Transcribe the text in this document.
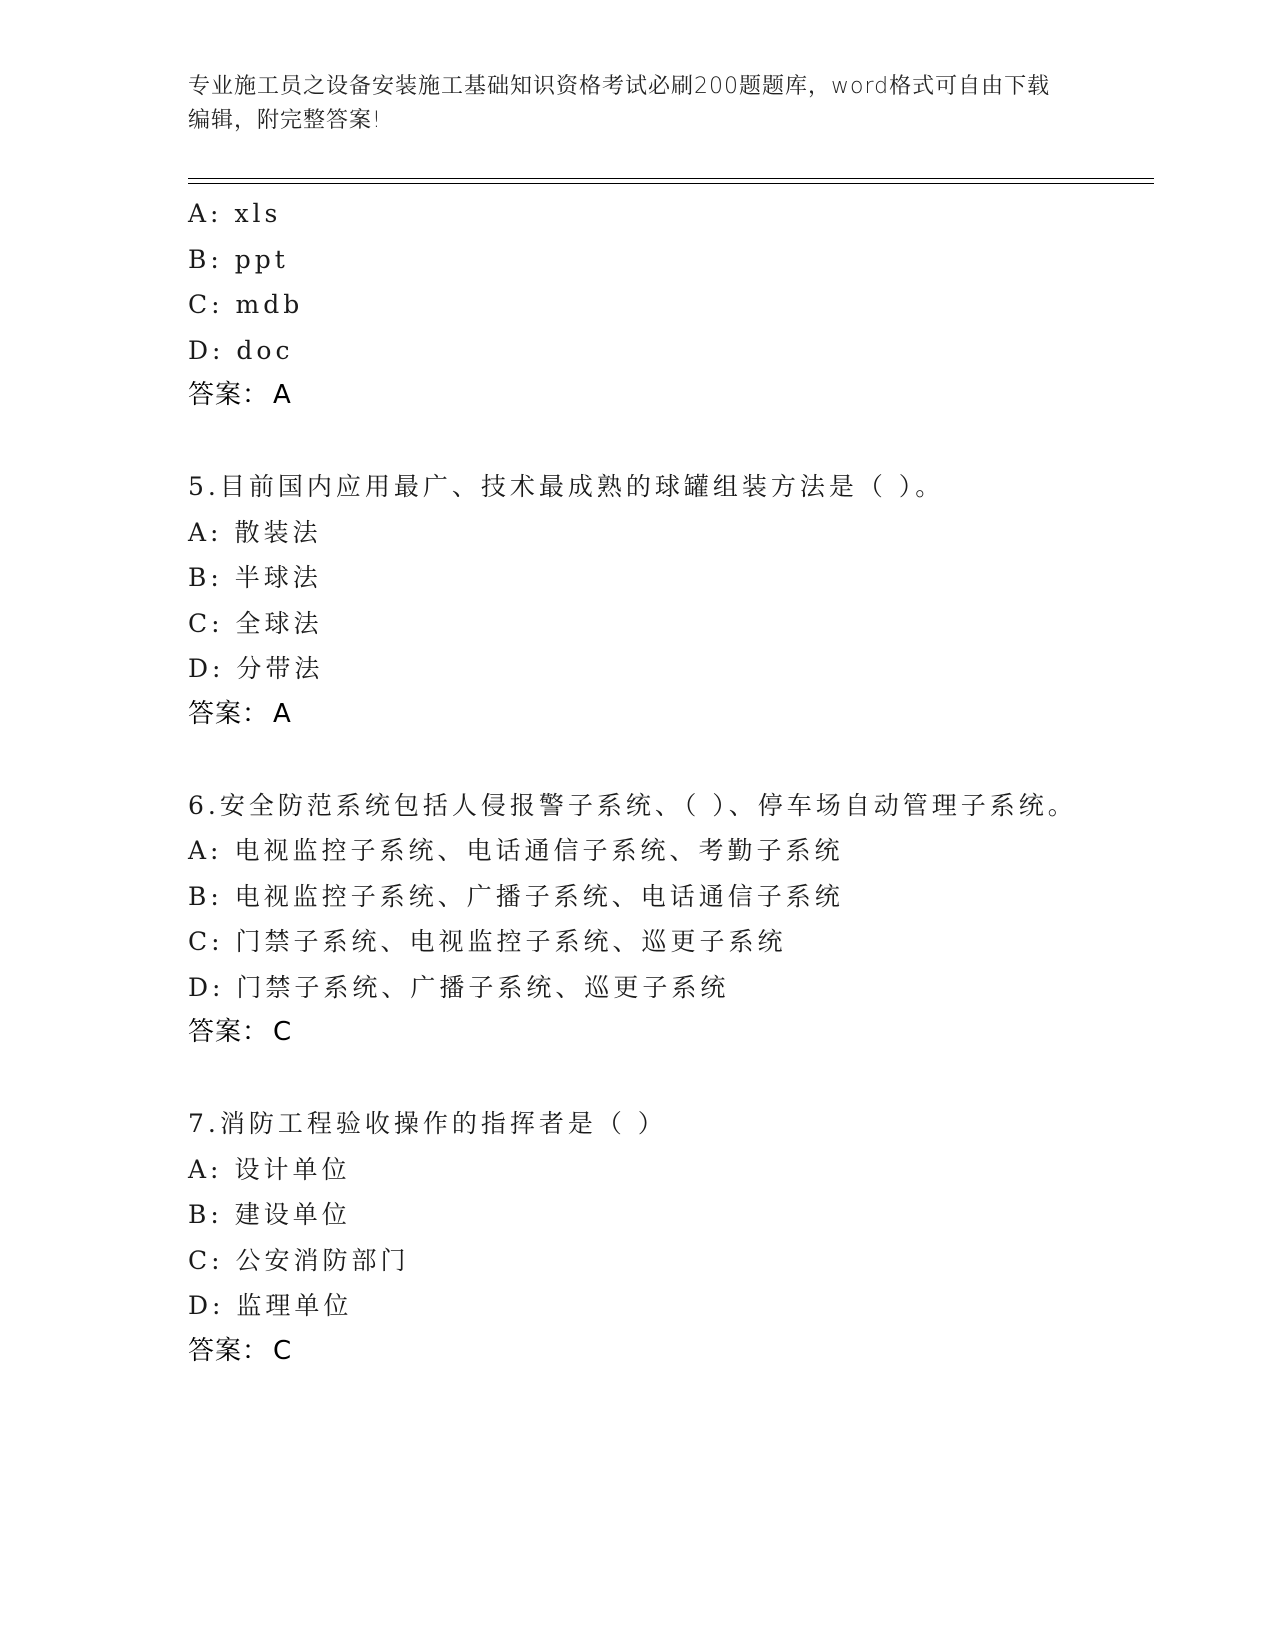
专业施工员之设备安装施工基础知识资格考试必刷200题题库，word格式可自由下载编辑，附完整答案!
A: xls
B: ppt
C: mdb
D: doc
答案： A
5.目前国内应用最广、技术最成熟的球罐组装方法是（ ）。
A: 散装法
B: 半球法
C: 全球法
D: 分带法
答案： A
6.安全防范系统包括人侵报警子系统、（ ）、停车场自动管理子系统。
A: 电视监控子系统、电话通信子系统、考勤子系统
B: 电视监控子系统、广播子系统、电话通信子系统
C: 门禁子系统、电视监控子系统、巡更子系统
D: 门禁子系统、广播子系统、巡更子系统
答案： C
7.消防工程验收操作的指挥者是（ ）
A: 设计单位
B: 建设单位
C: 公安消防部门
D: 监理单位
答案： C
